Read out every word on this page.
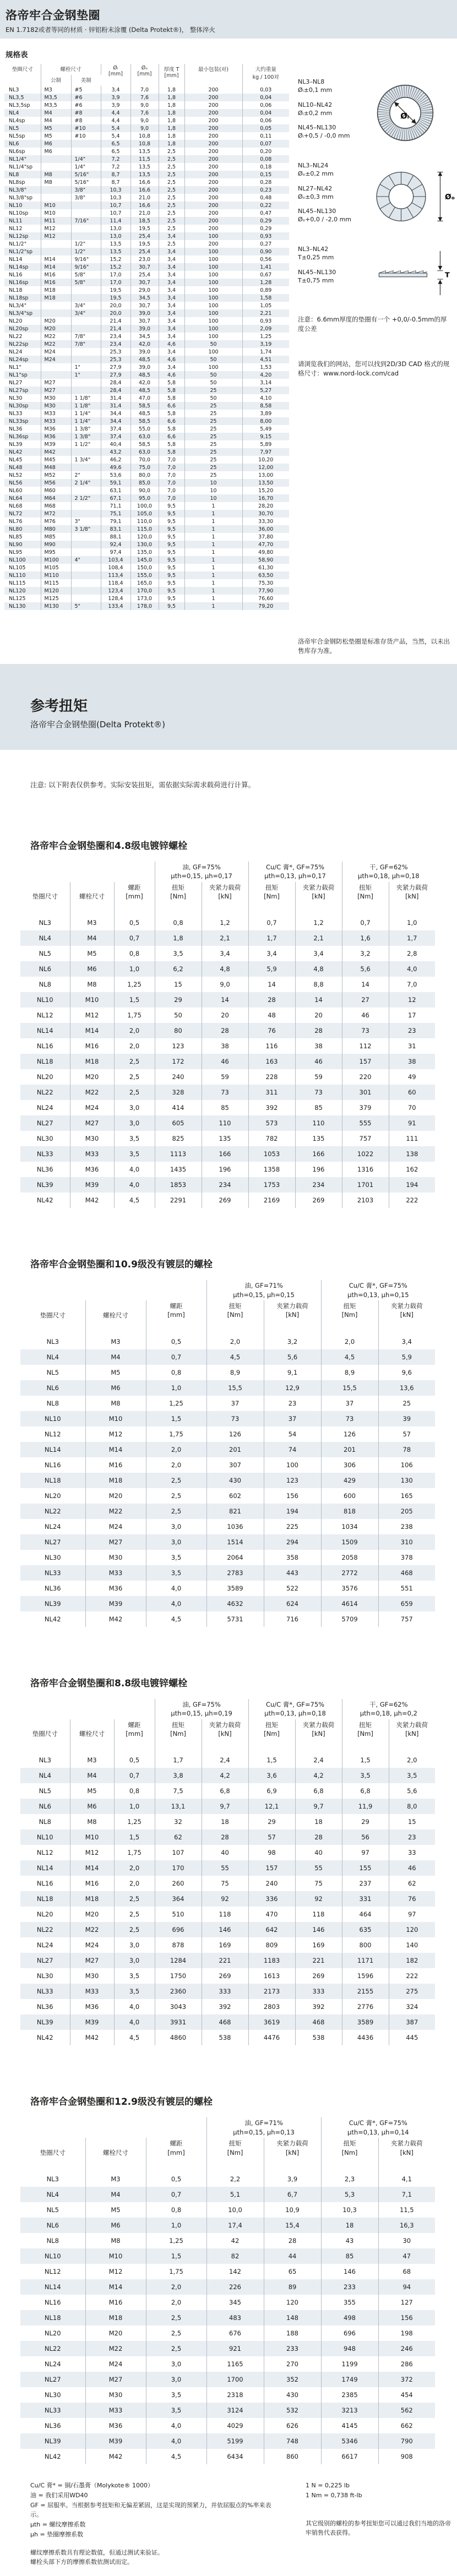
洛帝牢合金钢垫圈
EN 1.7182或者等同的材质 · 锌铝粉末涂覆 (Delta Protekt®)， 整体淬火
规格表
垫圈尺寸	螺栓尺寸	Øᵢ
[mm]

Øₒ
[mm]

厚度 T
[mm]
	最小包装(对)	大约重量
kg / 100对

	公制	美制					
NL3	M3	#5	3,4	7,0	1,8	200	0,03
NL3,5	M3,5	#6	3,9	7,6	1,8	200	0,04
NL3,5sp	M3,5	#6	3,9	9,0	1,8	200	0,06
NL4	M4	#8	4,4	7,6	1,8	200	0,04
NL4sp	M4	#8	4,4	9,0	1,8	200	0,06
NL5	M5	#10	5,4	9,0	1,8	200	0,05
NL5sp	M5	#10	5,4	10,8	1,8	200	0,11
NL6	M6		6,5	10,8	1,8	200	0,07
NL6sp	M6		6,5	13,5	2,5	200	0,20
NL1/4"		1/4"	7,2	11,5	2,5	200	0,08
NL1/4"sp		1/4"	7,2	13,5	2,5	200	0,18
NL8	M8	5/16"	8,7	13,5	2,5	200	0,15
NL8sp	M8	5/16"	8,7	16,6	2,5	200	0,28
NL3/8"		3/8"	10,3	16,6	2,5	200	0,23
NL3/8"sp		3/8"	10,3	21,0	2,5	200	0,48
NL10	M10		10,7	16,6	2,5	200	0,22
NL10sp	M10		10,7	21,0	2,5	200	0,47
NL11	M11	7/16"	11,4	18,5	2,5	200	0,29
NL12	M12		13,0	19,5	2,5	200	0,29
NL12sp	M12		13,0	25,4	3,4	100	0,93
NL1/2"		1/2"	13,5	19,5	2,5	200	0,27
NL1/2"sp		1/2"	13,5	25,4	3,4	100	0,90
NL14	M14	9/16"	15,2	23,0	3,4	100	0,56
NL14sp	M14	9/16"	15,2	30,7	3,4	100	1,41
NL16	M16	5/8"	17,0	25,4	3,4	100	0,67
NL16sp	M16	5/8"	17,0	30,7	3,4	100	1,28
NL18	M18		19,5	29,0	3,4	100	0,89
NL18sp	M18		19,5	34,5	3,4	100	1,58
NL3/4"		3/4"	20,0	30,7	3,4	100	1,05
NL3/4"sp		3/4"	20,0	39,0	3,4	100	2,21
NL20	M20		21,4	30,7	3,4	100	0,93
NL20sp	M20		21,4	39,0	3,4	100	2,09
NL22	M22	7/8"	23,4	34,5	3,4	100	1,25
NL22sp	M22	7/8"	23,4	42,0	4,6	50	3,19
NL24	M24		25,3	39,0	3,4	100	1,74
NL24sp	M24		25,3	48,5	4,6	50	4,51
NL1"		1"	27,9	39,0	3,4	100	1,53
NL1"sp		1"	27,9	48,5	4,6	50	4,20
NL27	M27		28,4	42,0	5,8	50	3,14
NL27sp	M27		28,4	48,5	5,8	25	5,27
NL30	M30	1 1/8"	31,4	47,0	5,8	50	4,10
NL30sp	M30	1 1/8"	31,4	58,5	6,6	25	8,58
NL33	M33	1 1/4"	34,4	48,5	5,8	25	3,89
NL33sp	M33	1 1/4"	34,4	58,5	6,6	25	8,00
NL36	M36	1 3/8"	37,4	55,0	5,8	25	5,49
NL36sp	M36	1 3/8"	37,4	63,0	6,6	25	9,15
NL39	M39	1 1/2"	40,4	58,5	5,8	25	5,89
NL42	M42		43,2	63,0	5,8	25	7,97
NL45	M45	1 3/4"	46,2	70,0	7,0	25	10,20
NL48	M48		49,6	75,0	7,0	25	12,00
NL52	M52	2"	53,6	80,0	7,0	25	13,00
NL56	M56	2 1/4"	59,1	85,0	7,0	10	13,50
NL60	M60		63,1	90,0	7,0	10	15,20
NL64	M64	2 1/2"	67,1	95,0	7,0	10	16,70
NL68	M68		71,1	100,0	9,5	1	28,20
NL72	M72		75,1	105,0	9,5	1	30,70
NL76	M76	3"	79,1	110,0	9,5	1	33,30
NL80	M80	3 1/8"	83,1	115,0	9,5	1	36,00
NL85	M85		88,1	120,0	9,5	1	37,80
NL90	M90		92,4	130,0	9,5	1	47,70
NL95	M95		97,4	135,0	9,5	1	49,80
NL100	M100	4"	103,4	145,0	9,5	1	58,90
NL105	M105		108,4	150,0	9,5	1	61,30
NL110	M110		113,4	155,0	9,5	1	63,50
NL115	M115		118,4	165,0	9,5	1	75,30
NL120	M120		123,4	170,0	9,5	1	77,90
NL125	M125		128,4	173,0	9,5	1	76,60
NL130	M130	5"	133,4	178,0	9,5	1	79,20
NL3–NL8
Øᵢ±0,1 mm
NL10–NL42
Øᵢ±0,2 mm
NL45–NL130
Øᵢ+0,5 / -0,0 mm
Øᵢ
NL3–NL24
Øₒ±0,2 mm
NL27–NL42
Øₒ±0,3 mm
NL45–NL130
Øₒ+0,0 / -2,0 mm
Øₒ
NL3–NL42
T±0,25 mm
NL45–NL130
T±0,75 mm
T
注意：6.6mm厚度的垫圈有一个 +0,0/-0.5mm的厚度公差
请浏览我们的网站，您可以找到2D/3D CAD 格式的规格尺寸：www.nord-lock.com/cad
洛帝牢合金钢防松垫圈是标准存货产品，当然，以未出售库存为准。
参考扭矩
洛帝牢合金钢垫圈(Delta Protekt®)
注意: 以下附表仅供参考。实际安装扭矩，需依据实际需求载荷进行计算。
洛帝牢合金钢垫圈和4.8级电镀锌螺栓

油, GF=75%
μth=0,15, μh=0,17

Cu/C 膏*, GF=75%
μth=0,13, μh=0,17

干, GF=62%
μth=0,18, μh=0,18

垫圈尺寸	螺栓尺寸	
螺距
[mm]

扭矩
[Nm]

夹紧力载荷
[kN]

扭矩
[Nm]

夹紧力载荷
[kN]

扭矩
[Nm]

夹紧力载荷
[kN]

NL3	M3	0,5	0,8	1,2	0,7	1,2	0,7	1,0
NL4	M4	0,7	1,8	2,1	1,7	2,1	1,6	1,7
NL5	M5	0,8	3,5	3,4	3,4	3,4	3,2	2,8
NL6	M6	1,0	6,2	4,8	5,9	4,8	5,6	4,0
NL8	M8	1,25	15	9,0	14	8,8	14	7,0
NL10	M10	1,5	29	14	28	14	27	12
NL12	M12	1,75	50	20	48	20	46	17
NL14	M14	2,0	80	28	76	28	73	23
NL16	M16	2,0	123	38	116	38	112	31
NL18	M18	2,5	172	46	163	46	157	38
NL20	M20	2,5	240	59	228	59	220	49
NL22	M22	2,5	328	73	311	73	301	60
NL24	M24	3,0	414	85	392	85	379	70
NL27	M27	3,0	605	110	573	110	555	91
NL30	M30	3,5	825	135	782	135	757	111
NL33	M33	3,5	1113	166	1053	166	1022	138
NL36	M36	4,0	1435	196	1358	196	1316	162
NL39	M39	4,0	1853	234	1753	234	1701	194
NL42	M42	4,5	2291	269	2169	269	2103	222
洛帝牢合金钢垫圈和10.9级没有镀层的螺栓

油, GF=71%
μth=0,15, μh=0,15

Cu/C 膏*, GF=75%
μth=0,13, μh=0,15

垫圈尺寸	螺栓尺寸	
螺距
[mm]

扭矩
[Nm]

夹紧力载荷
[kN]

扭矩
[Nm]

夹紧力载荷
[kN]

NL3	M3	0,5	2,0	3,2	2,0	3,4
NL4	M4	0,7	4,5	5,6	4,5	5,9
NL5	M5	0,8	8,9	9,1	8,9	9,6
NL6	M6	1,0	15,5	12,9	15,5	13,6
NL8	M8	1,25	37	23	37	25
NL10	M10	1,5	73	37	73	39
NL12	M12	1,75	126	54	126	57
NL14	M14	2,0	201	74	201	78
NL16	M16	2,0	307	100	306	106
NL18	M18	2,5	430	123	429	130
NL20	M20	2,5	602	156	600	165
NL22	M22	2,5	821	194	818	205
NL24	M24	3,0	1036	225	1034	238
NL27	M27	3,0	1514	294	1509	310
NL30	M30	3,5	2064	358	2058	378
NL33	M33	3,5	2783	443	2772	468
NL36	M36	4,0	3589	522	3576	551
NL39	M39	4,0	4632	624	4614	659
NL42	M42	4,5	5731	716	5709	757
洛帝牢合金钢垫圈和8.8级电镀锌螺栓

油, GF=75%
μth=0,15, μh=0,19

Cu/C 膏*, GF=75%
μth=0,13, μh=0,18

干, GF=62%
μth=0,18, μh=0,2

垫圈尺寸	螺栓尺寸	
螺距
[mm]

扭矩
[Nm]

夹紧力载荷
[kN]

扭矩
[Nm]

夹紧力载荷
[kN]

扭矩
[Nm]

夹紧力载荷
[kN]

NL3	M3	0,5	1,7	2,4	1,5	2,4	1,5	2,0
NL4	M4	0,7	3,8	4,2	3,6	4,2	3,5	3,5
NL5	M5	0,8	7,5	6,8	6,9	6,8	6,8	5,6
NL6	M6	1,0	13,1	9,7	12,1	9,7	11,9	8,0
NL8	M8	1,25	32	18	29	18	29	15
NL10	M10	1,5	62	28	57	28	56	23
NL12	M12	1,75	107	40	98	40	97	33
NL14	M14	2,0	170	55	157	55	155	46
NL16	M16	2,0	260	75	240	75	237	62
NL18	M18	2,5	364	92	336	92	331	76
NL20	M20	2,5	510	118	470	118	464	97
NL22	M22	2,5	696	146	642	146	635	120
NL24	M24	3,0	878	169	809	169	800	140
NL27	M27	3,0	1284	221	1183	221	1171	182
NL30	M30	3,5	1750	269	1613	269	1596	222
NL33	M33	3,5	2360	333	2173	333	2155	275
NL36	M36	4,0	3043	392	2803	392	2776	324
NL39	M39	4,0	3931	468	3619	468	3589	387
NL42	M42	4,5	4860	538	4476	538	4436	445
洛帝牢合金钢垫圈和12.9级没有镀层的螺栓

油, GF=71%
μth=0,15, μh=0,13

Cu/C 膏*, GF=75%
μth=0,13, μh=0,14

垫圈尺寸	螺栓尺寸	
螺距
[mm]

扭矩
[Nm]

夹紧力载荷
[kN]

扭矩
[Nm]

夹紧力载荷
[kN]

NL3	M3	0,5	2,2	3,9	2,3	4,1
NL4	M4	0,7	5,1	6,7	5,3	7,1
NL5	M5	0,8	10,0	10,9	10,3	11,5
NL6	M6	1,0	17,4	15,4	18	16,3
NL8	M8	1,25	42	28	43	30
NL10	M10	1,5	82	44	85	47
NL12	M12	1,75	142	65	146	68
NL14	M14	2,0	226	89	233	94
NL16	M16	2,0	345	120	355	127
NL18	M18	2,5	483	148	498	156
NL20	M20	2,5	676	188	696	198
NL22	M22	2,5	921	233	948	246
NL24	M24	3,0	1165	270	1199	286
NL27	M27	3,0	1700	352	1749	372
NL30	M30	3,5	2318	430	2385	454
NL33	M33	3,5	3124	532	3213	562
NL36	M36	4,0	4029	626	4145	662
NL39	M39	4,0	5199	748	5346	790
NL42	M42	4,5	6434	860	6617	908
Cu/C 膏* = 铜/石墨膏（Molykote® 1000）
油 = 我们采用WD40
GF = 屈服率。当根据参考扭矩和无偏差紧固，这是实现的预紧力，并依屈服点的%率来表示。
μth = 螺纹摩擦系数
μh = 垫圈摩擦系数
螺纹摩擦系数具有理论数值，但通过测试来验证。
螺栓头部下方的摩擦系数依测试而定。
1 N = 0,225 lb
1 Nm = 0,738 ft-lb
其它级别的螺栓的参考扭矩您可以通过我们当地的洛帝牢销售代表获得。
